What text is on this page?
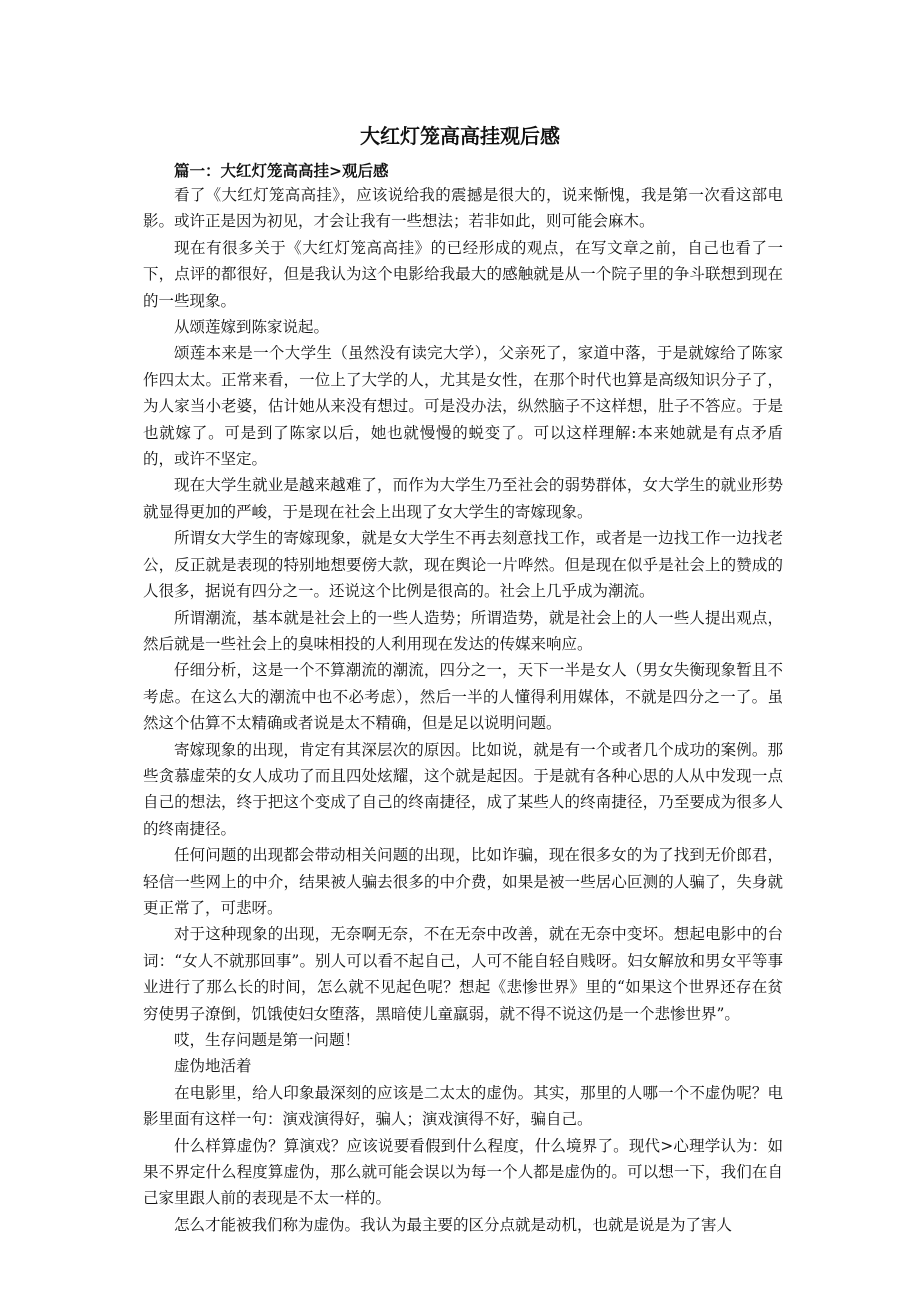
大红灯笼高高挂观后感
篇一：大红灯笼高高挂>观后感

看了《大红灯笼高高挂》，应该说给我的震撼是很大的，说来惭愧，我是第一次看这部电影。或许正是因为初见，才会让我有一些想法；若非如此，则可能会麻木。

现在有很多关于《大红灯笼高高挂》的已经形成的观点，在写文章之前，自己也看了一下，点评的都很好，但是我认为这个电影给我最大的感触就是从一个院子里的争斗联想到现在的一些现象。

从颂莲嫁到陈家说起。

颂莲本来是一个大学生（虽然没有读完大学），父亲死了，家道中落，于是就嫁给了陈家作四太太。正常来看，一位上了大学的人，尤其是女性，在那个时代也算是高级知识分子了，为人家当小老婆，估计她从来没有想过。可是没办法，纵然脑子不这样想，肚子不答应。于是也就嫁了。可是到了陈家以后，她也就慢慢的蜕变了。可以这样理解:本来她就是有点矛盾的，或许不坚定。

现在大学生就业是越来越难了，而作为大学生乃至社会的弱势群体，女大学生的就业形势就显得更加的严峻，于是现在社会上出现了女大学生的寄嫁现象。

所谓女大学生的寄嫁现象，就是女大学生不再去刻意找工作，或者是一边找工作一边找老公，反正就是表现的特别地想要傍大款，现在舆论一片哗然。但是现在似乎是社会上的赞成的人很多，据说有四分之一。还说这个比例是很高的。社会上几乎成为潮流。

所谓潮流，基本就是社会上的一些人造势；所谓造势，就是社会上的人一些人提出观点，然后就是一些社会上的臭味相投的人利用现在发达的传媒来响应。

仔细分析，这是一个不算潮流的潮流，四分之一，天下一半是女人（男女失衡现象暂且不考虑。在这么大的潮流中也不必考虑），然后一半的人懂得利用媒体，不就是四分之一了。虽然这个估算不太精确或者说是太不精确，但是足以说明问题。

寄嫁现象的出现，肯定有其深层次的原因。比如说，就是有一个或者几个成功的案例。那些贪慕虚荣的女人成功了而且四处炫耀，这个就是起因。于是就有各种心思的人从中发现一点自己的想法，终于把这个变成了自己的终南捷径，成了某些人的终南捷径，乃至要成为很多人的终南捷径。

任何问题的出现都会带动相关问题的出现，比如诈骗，现在很多女的为了找到无价郎君，轻信一些网上的中介，结果被人骗去很多的中介费，如果是被一些居心叵测的人骗了，失身就更正常了，可悲呀。

对于这种现象的出现，无奈啊无奈，不在无奈中改善，就在无奈中变坏。想起电影中的台词：“女人不就那回事”。别人可以看不起自己，人可不能自轻自贱呀。妇女解放和男女平等事业进行了那么长的时间，怎么就不见起色呢？想起《悲惨世界》里的“如果这个世界还存在贫穷使男子潦倒，饥饿使妇女堕落，黑暗使儿童羸弱，就不得不说这仍是一个悲惨世界”。

哎，生存问题是第一问题！

虚伪地活着

在电影里，给人印象最深刻的应该是二太太的虚伪。其实，那里的人哪一个不虚伪呢？电影里面有这样一句：演戏演得好，骗人；演戏演得不好，骗自己。

什么样算虚伪？算演戏？应该说要看假到什么程度，什么境界了。现代>心理学认为：如果不界定什么程度算虚伪，那么就可能会误以为每一个人都是虚伪的。可以想一下，我们在自己家里跟人前的表现是不太一样的。

怎么才能被我们称为虚伪。我认为最主要的区分点就是动机，也就是说是为了害人
